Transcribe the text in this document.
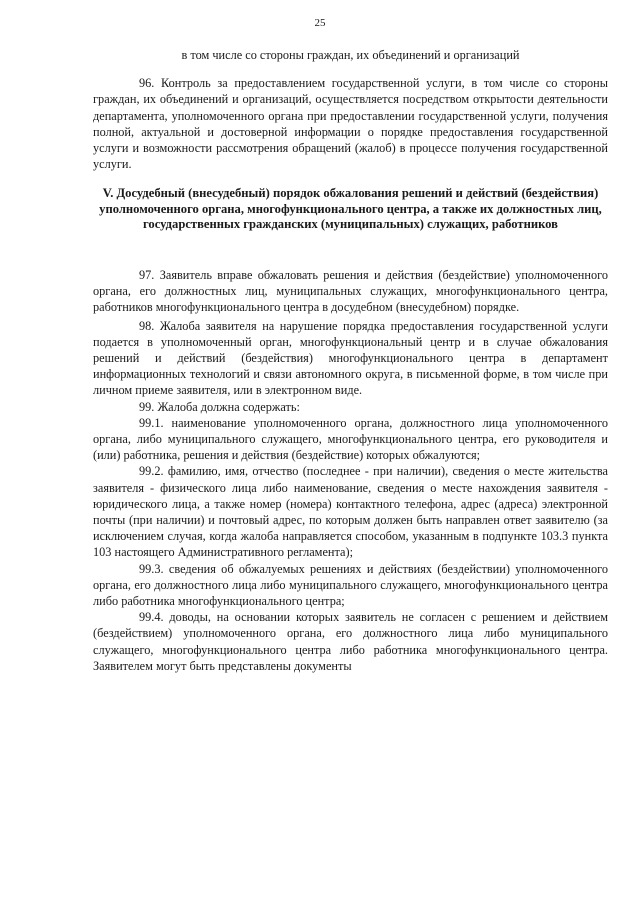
25

в том числе со стороны граждан, их объединений и организаций

96. Контроль за предоставлением государственной услуги, в том числе со стороны граждан, их объединений и организаций, осуществляется посредством открытости деятельности департамента, уполномоченного органа при предоставлении государственной услуги, получения полной, актуальной и достоверной информации о порядке предоставления государственной услуги и возможности рассмотрения обращений (жалоб) в процессе получения государственной услуги.

V. Досудебный (внесудебный) порядок обжалования решений и действий (бездействия) уполномоченного органа, многофункционального центра, а также их должностных лиц, государственных гражданских (муниципальных) служащих, работников

97. Заявитель вправе обжаловать решения и действия (бездействие) уполномоченного органа, его должностных лиц, муниципальных служащих, многофункционального центра, работников многофункционального центра в досудебном (внесудебном) порядке.

98. Жалоба заявителя на нарушение порядка предоставления государственной услуги подается в уполномоченный орган, многофункциональный центр и в случае обжалования решений и действий (бездействия) многофункционального центра в департамент информационных технологий и связи автономного округа, в письменной форме, в том числе при личном приеме заявителя, или в электронном виде.

99. Жалоба должна содержать:

99.1. наименование уполномоченного органа, должностного лица уполномоченного органа, либо муниципального служащего, многофункционального центра, его руководителя и (или) работника, решения и действия (бездействие) которых обжалуются;

99.2. фамилию, имя, отчество (последнее - при наличии), сведения о месте жительства заявителя - физического лица либо наименование, сведения о месте нахождения заявителя - юридического лица, а также номер (номера) контактного телефона, адрес (адреса) электронной почты (при наличии) и почтовый адрес, по которым должен быть направлен ответ заявителю (за исключением случая, когда жалоба направляется способом, указанным в подпункте 103.3 пункта 103 настоящего Административного регламента);

99.3. сведения об обжалуемых решениях и действиях (бездействии) уполномоченного органа, его должностного лица либо муниципального служащего, многофункционального центра либо работника многофункционального центра;

99.4. доводы, на основании которых заявитель не согласен с решением и действием (бездействием) уполномоченного органа, его должностного лица либо муниципального служащего, многофункционального центра либо работника многофункционального центра. Заявителем могут быть представлены документы
